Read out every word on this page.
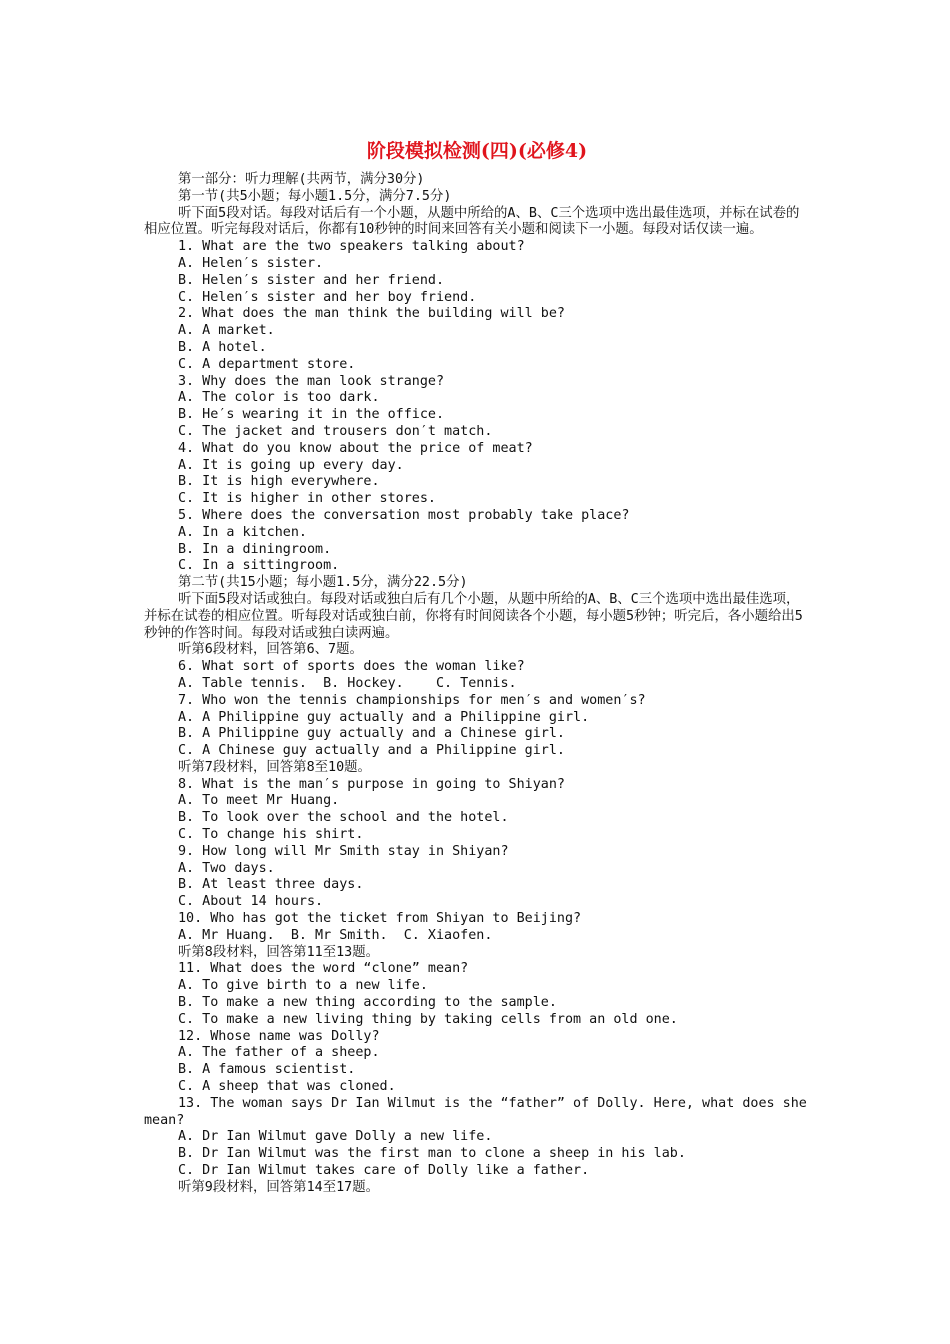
阶段模拟检测(四)(必修4)

第一部分：听力理解(共两节，满分30分)

第一节(共5小题；每小题1.5分，满分7.5分)

听下面5段对话。每段对话后有一个小题，从题中所给的A、B、C三个选项中选出最佳选项，并标在试卷的相应位置。听完每段对话后，你都有10秒钟的时间来回答有关小题和阅读下一小题。每段对话仅读一遍。

1. What are the two speakers talking about?

A. Helen′s sister.

B. Helen′s sister and her friend.

C. Helen′s sister and her boy friend.

2. What does the man think the building will be?

A. A market.

B. A hotel.

C. A department store.

3. Why does the man look strange?

A. The color is too dark.

B. He′s wearing it in the office.

C. The jacket and trousers don′t match.

4. What do you know about the price of meat?

A. It is going up every day.

B. It is high everywhere.

C. It is higher in other stores.

5. Where does the conversation most probably take place?

A. In a kitchen.

B. In a diningroom.

C. In a sittingroom.

第二节(共15小题；每小题1.5分，满分22.5分)

听下面5段对话或独白。每段对话或独白后有几个小题，从题中所给的A、B、C三个选项中选出最佳选项，并标在试卷的相应位置。听每段对话或独白前，你将有时间阅读各个小题，每小题5秒钟；听完后，各小题给出5秒钟的作答时间。每段对话或独白读两遍。

听第6段材料，回答第6、7题。

6. What sort of sports does the woman like?

A. Table tennis.  B. Hockey.    C. Tennis.

7. Who won the tennis championships for men′s and women′s?

A. A Philippine guy actually and a Philippine girl.

B. A Philippine guy actually and a Chinese girl.

C. A Chinese guy actually and a Philippine girl.

听第7段材料，回答第8至10题。

8. What is the man′s purpose in going to Shiyan?

A. To meet Mr Huang.

B. To look over the school and the hotel.

C. To change his shirt.

9. How long will Mr Smith stay in Shiyan?

A. Two days.

B. At least three days.

C. About 14 hours.

10. Who has got the ticket from Shiyan to Beijing?

A. Mr Huang.  B. Mr Smith.  C. Xiaofen.

听第8段材料，回答第11至13题。

11. What does the word “clone” mean?

A. To give birth to a new life.

B. To make a new thing according to the sample.

C. To make a new living thing by taking cells from an old one.

12. Whose name was Dolly?

A. The father of a sheep.

B. A famous scientist.

C. A sheep that was cloned.

13. The woman says Dr Ian Wilmut is the “father” of Dolly. Here, what does she mean?

A. Dr Ian Wilmut gave Dolly a new life.

B. Dr Ian Wilmut was the first man to clone a sheep in his lab.

C. Dr Ian Wilmut takes care of Dolly like a father.

听第9段材料，回答第14至17题。
